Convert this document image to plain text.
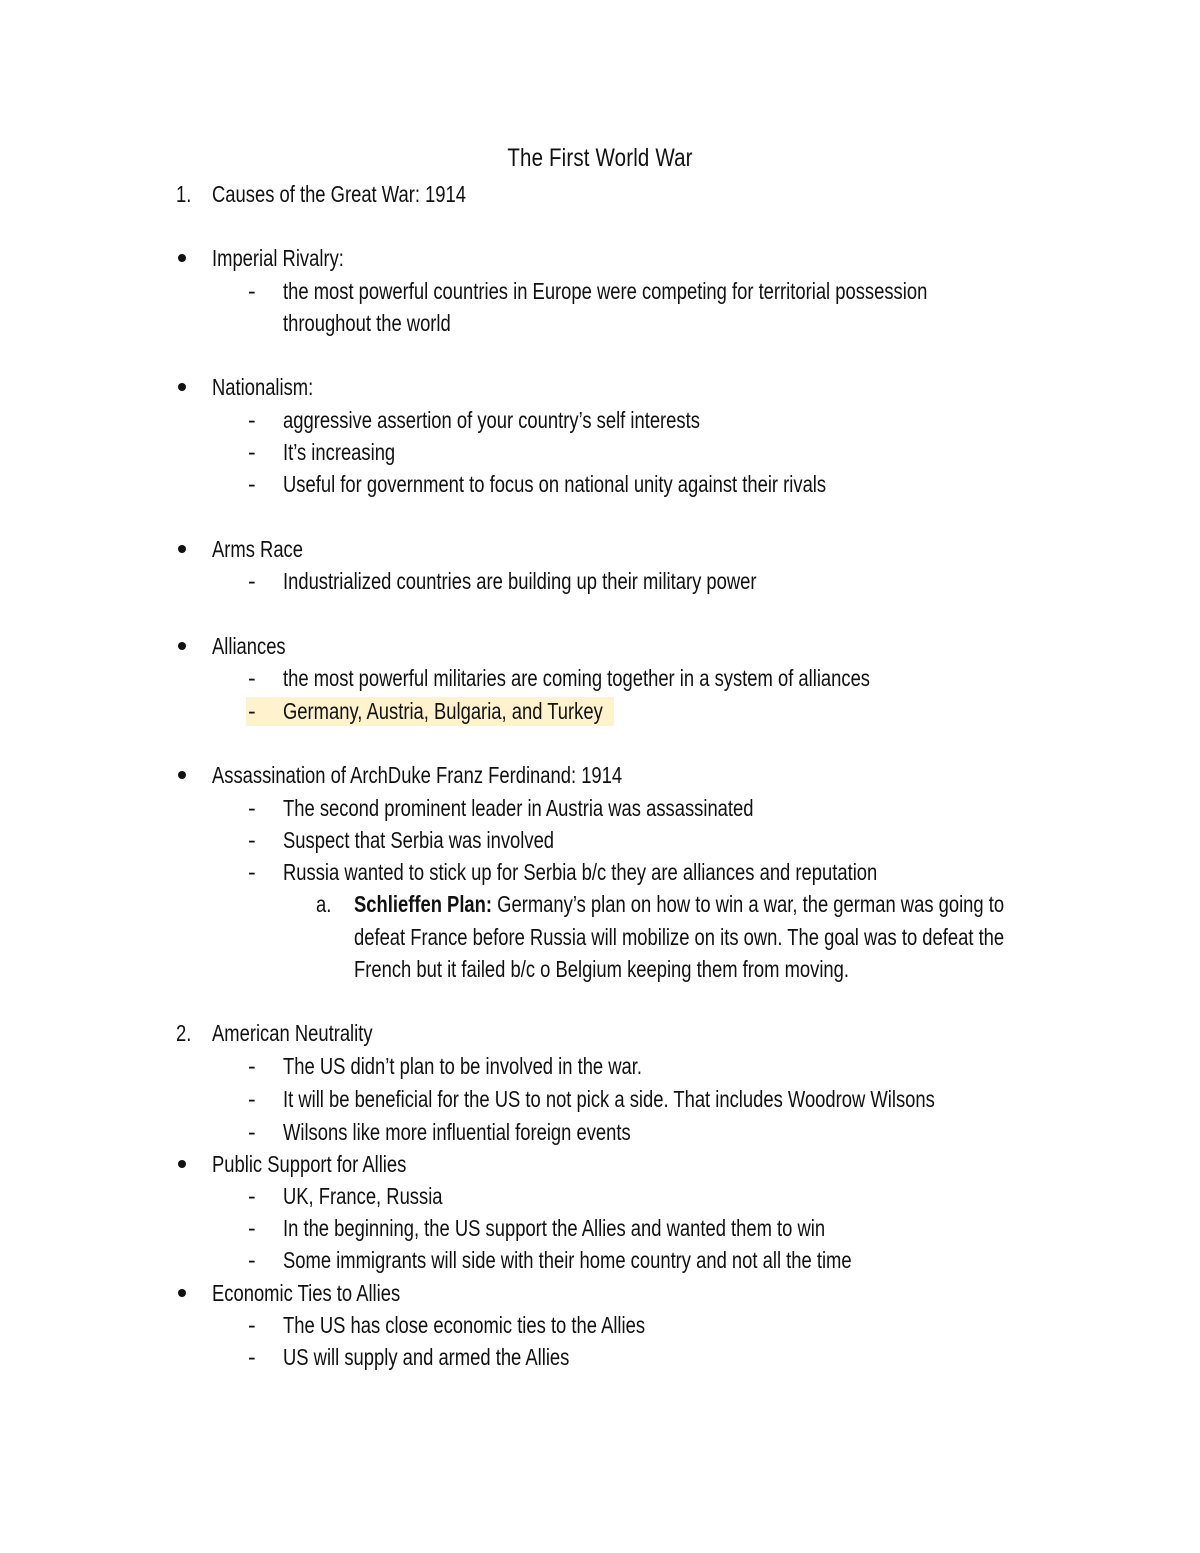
The First World War
1. Causes of the Great War: 1914
Imperial Rivalry:
- the most powerful countries in Europe were competing for territorial possession
throughout the world
Nationalism:
- aggressive assertion of your country’s self interests
- It’s increasing
- Useful for government to focus on national unity against their rivals
Arms Race
- Industrialized countries are building up their military power
Alliances
- the most powerful militaries are coming together in a system of alliances
- Germany, Austria, Bulgaria, and Turkey
Assassination of ArchDuke Franz Ferdinand: 1914
- The second prominent leader in Austria was assassinated
- Suspect that Serbia was involved
- Russia wanted to stick up for Serbia b/c they are alliances and reputation
a. Schlieffen Plan: Germany’s plan on how to win a war, the german was going to
defeat France before Russia will mobilize on its own. The goal was to defeat the
French but it failed b/c o Belgium keeping them from moving.
2. American Neutrality
- The US didn’t plan to be involved in the war.
- It will be beneficial for the US to not pick a side. That includes Woodrow Wilsons
- Wilsons like more influential foreign events
Public Support for Allies
- UK, France, Russia
- In the beginning, the US support the Allies and wanted them to win
- Some immigrants will side with their home country and not all the time
Economic Ties to Allies
- The US has close economic ties to the Allies
- US will supply and armed the Allies
